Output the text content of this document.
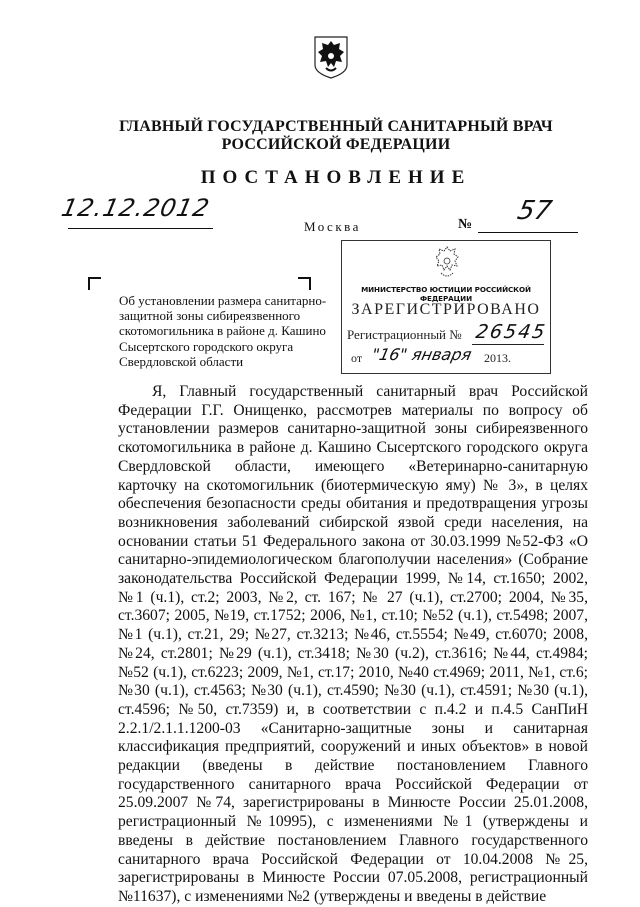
ГЛАВНЫЙ ГОСУДАРСТВЕННЫЙ САНИТАРНЫЙ ВРАЧ
РОССИЙСКОЙ ФЕДЕРАЦИИ
ПОСТАНОВЛЕНИЕ
12.12.2012
Москва	№ 57
Об установлении размера санитарно-защитной зоны сибиреязвенного скотомогильника в районе д. Кашино Сысертского городского округа Свердловской области
МИНИСТЕРСТВО ЮСТИЦИИ РОССИЙСКОЙ ФЕДЕРАЦИИ
ЗАРЕГИСТРИРОВАНО
Регистрационный № 26545
от "16" января 2013.
Я, Главный государственный санитарный врач Российской Федерации Г.Г. Онищенко, рассмотрев материалы по вопросу об установлении размеров санитарно-защитной зоны сибиреязвенного скотомогильника в районе д. Кашино Сысертского городского округа Свердловской области, имеющего «Ветеринарно-санитарную карточку на скотомогильник (биотермическую яму) № 3», в целях обеспечения безопасности среды обитания и предотвращения угрозы возникновения заболеваний сибирской язвой среди населения, на основании статьи 51 Федерального закона от 30.03.1999 №52-ФЗ «О санитарно-эпидемиологическом благополучии населения» (Собрание законодательства Российской Федерации 1999, №14, ст.1650; 2002, №1 (ч.1), ст.2; 2003, №2, ст. 167; № 27 (ч.1), ст.2700; 2004, №35, ст.3607; 2005, №19, ст.1752; 2006, №1, ст.10; №52 (ч.1), ст.5498; 2007, №1 (ч.1), ст.21, 29; №27, ст.3213; №46, ст.5554; №49, ст.6070; 2008, №24, ст.2801; №29 (ч.1), ст.3418; №30 (ч.2), ст.3616; №44, ст.4984; №52 (ч.1), ст.6223; 2009, №1, ст.17; 2010, №40 ст.4969; 2011, №1, ст.6; №30 (ч.1), ст.4563; №30 (ч.1), ст.4590; №30 (ч.1), ст.4591; №30 (ч.1), ст.4596; №50, ст.7359) и, в соответствии с п.4.2 и п.4.5 СанПиН 2.2.1/2.1.1.1200-03 «Санитарно-защитные зоны и санитарная классификация предприятий, сооружений и иных объектов» в новой редакции (введены в действие постановлением Главного государственного санитарного врача Российской Федерации от 25.09.2007 №74, зарегистрированы в Минюсте России 25.01.2008, регистрационный №10995), с изменениями №1 (утверждены и введены в действие постановлением Главного государственного санитарного врача Российской Федерации от 10.04.2008 №25, зарегистрированы в Минюсте России 07.05.2008, регистрационный №11637), с изменениями №2 (утверждены и введены в действие
